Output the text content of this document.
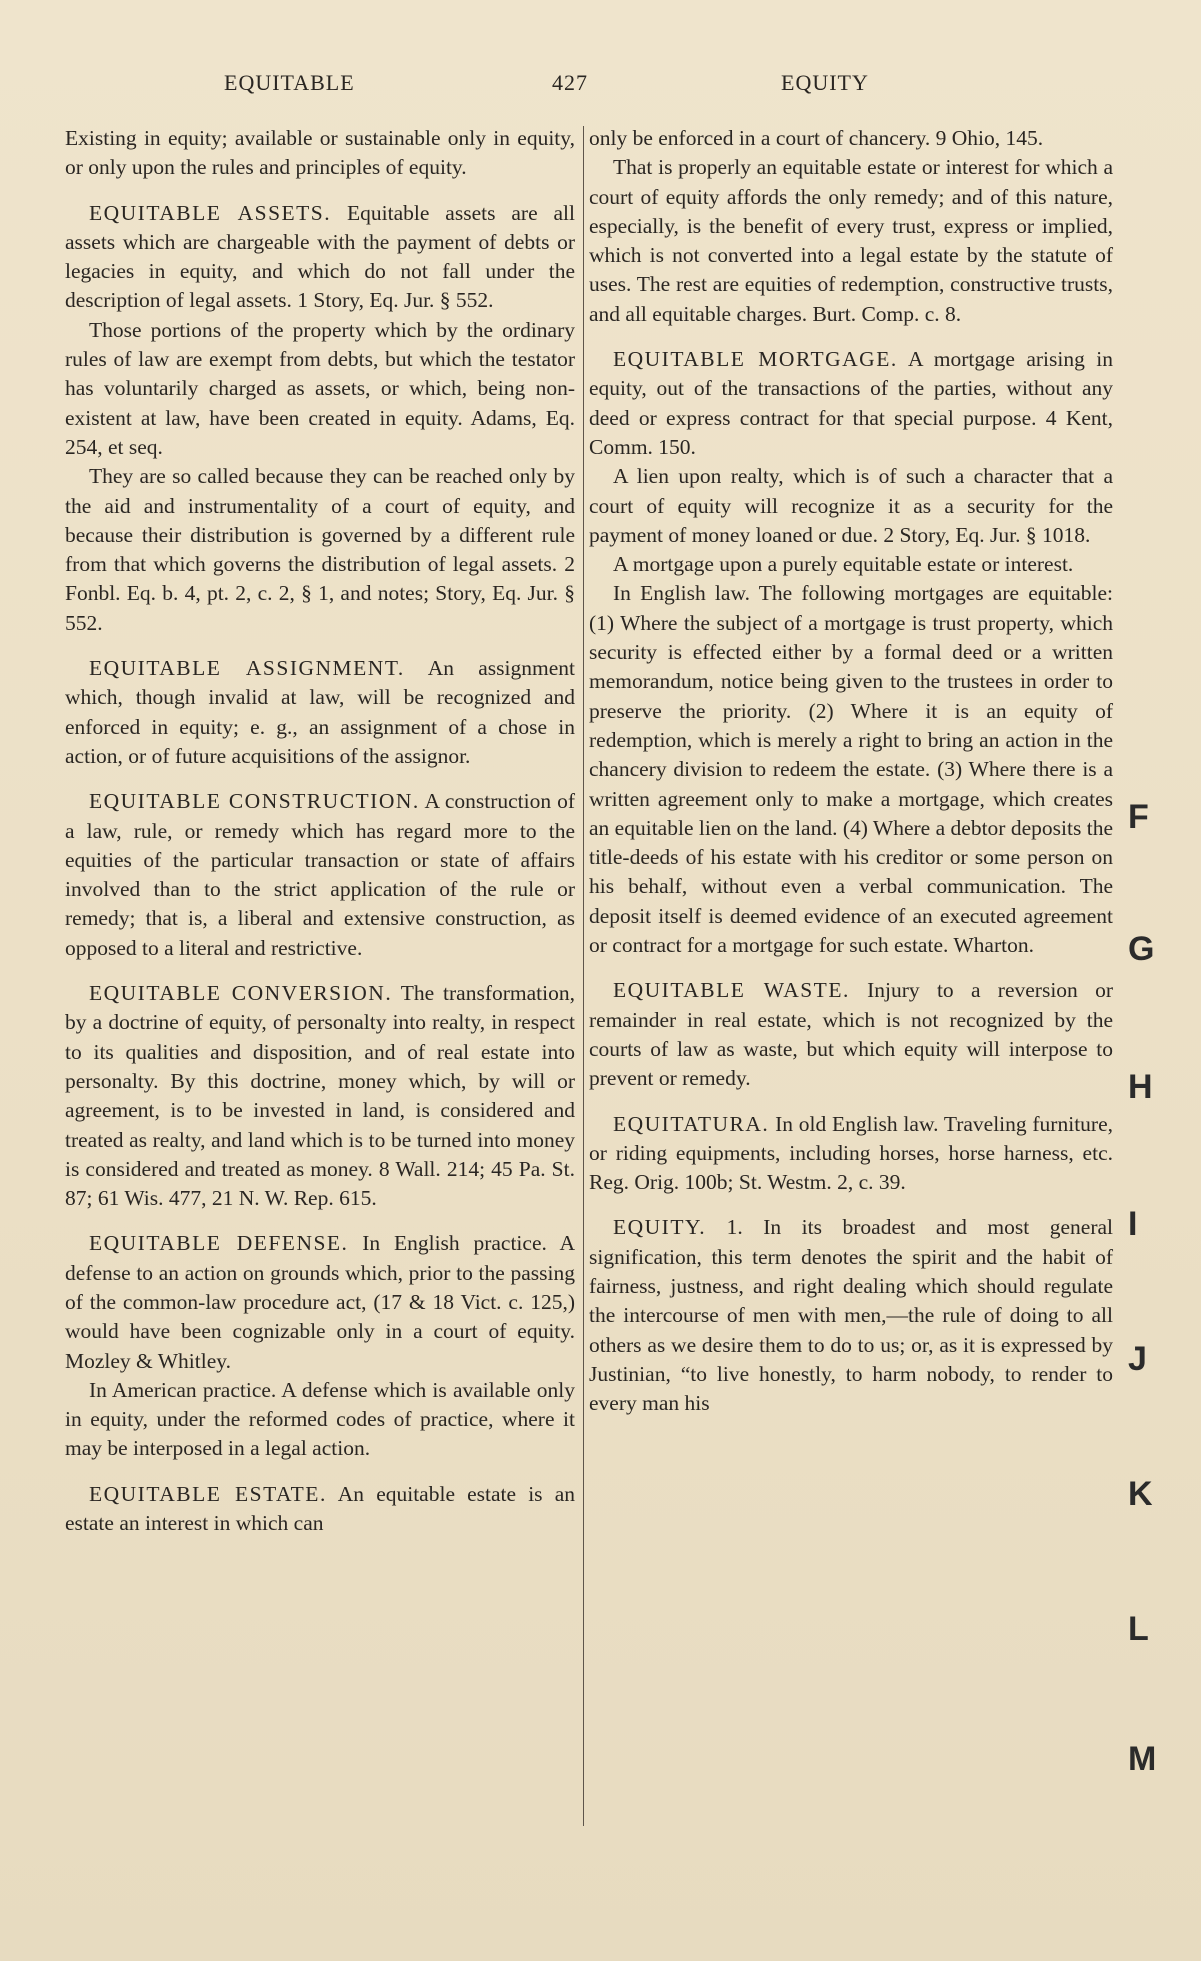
EQUITABLE	427	EQUITY

Existing in equity; available or sustainable only in equity, or only upon the rules and principles of equity.

EQUITABLE ASSETS. Equitable assets are all assets which are chargeable with the payment of debts or legacies in equity, and which do not fall under the description of legal assets. 1 Story, Eq. Jur. § 552.

Those portions of the property which by the ordinary rules of law are exempt from debts, but which the testator has voluntarily charged as assets, or which, being non-existent at law, have been created in equity. Adams, Eq. 254, et seq.

They are so called because they can be reached only by the aid and instrumentality of a court of equity, and because their distribution is governed by a different rule from that which governs the distribution of legal assets. 2 Fonbl. Eq. b. 4, pt. 2, c. 2, § 1, and notes; Story, Eq. Jur. § 552.

EQUITABLE ASSIGNMENT. An assignment which, though invalid at law, will be recognized and enforced in equity; e. g., an assignment of a chose in action, or of future acquisitions of the assignor.

EQUITABLE CONSTRUCTION. A construction of a law, rule, or remedy which has regard more to the equities of the particular transaction or state of affairs involved than to the strict application of the rule or remedy; that is, a liberal and extensive construction, as opposed to a literal and restrictive.

EQUITABLE CONVERSION. The transformation, by a doctrine of equity, of personalty into realty, in respect to its qualities and disposition, and of real estate into personalty. By this doctrine, money which, by will or agreement, is to be invested in land, is considered and treated as realty, and land which is to be turned into money is considered and treated as money. 8 Wall. 214; 45 Pa. St. 87; 61 Wis. 477, 21 N. W. Rep. 615.

EQUITABLE DEFENSE. In English practice. A defense to an action on grounds which, prior to the passing of the common-law procedure act, (17 & 18 Vict. c. 125,) would have been cognizable only in a court of equity. Mozley & Whitley.

In American practice. A defense which is available only in equity, under the reformed codes of practice, where it may be interposed in a legal action.

EQUITABLE ESTATE. An equitable estate is an estate an interest in which can

only be enforced in a court of chancery. 9 Ohio, 145.

That is properly an equitable estate or interest for which a court of equity affords the only remedy; and of this nature, especially, is the benefit of every trust, express or implied, which is not converted into a legal estate by the statute of uses. The rest are equities of redemption, constructive trusts, and all equitable charges. Burt. Comp. c. 8.

EQUITABLE MORTGAGE. A mortgage arising in equity, out of the transactions of the parties, without any deed or express contract for that special purpose. 4 Kent, Comm. 150.

A lien upon realty, which is of such a character that a court of equity will recognize it as a security for the payment of money loaned or due. 2 Story, Eq. Jur. § 1018.

A mortgage upon a purely equitable estate or interest.

In English law. The following mortgages are equitable: (1) Where the subject of a mortgage is trust property, which security is effected either by a formal deed or a written memorandum, notice being given to the trustees in order to preserve the priority. (2) Where it is an equity of redemption, which is merely a right to bring an action in the chancery division to redeem the estate. (3) Where there is a written agreement only to make a mortgage, which creates an equitable lien on the land. (4) Where a debtor deposits the title-deeds of his estate with his creditor or some person on his behalf, without even a verbal communication. The deposit itself is deemed evidence of an executed agreement or contract for a mortgage for such estate. Wharton.

EQUITABLE WASTE. Injury to a reversion or remainder in real estate, which is not recognized by the courts of law as waste, but which equity will interpose to prevent or remedy.

EQUITATURA. In old English law. Traveling furniture, or riding equipments, including horses, horse harness, etc. Reg. Orig. 100b; St. Westm. 2, c. 39.

EQUITY. 1. In its broadest and most general signification, this term denotes the spirit and the habit of fairness, justness, and right dealing which should regulate the intercourse of men with men,—the rule of doing to all others as we desire them to do to us; or, as it is expressed by Justinian, “to live honestly, to harm nobody, to render to every man his

F
G
H
I
J
K
L
M
